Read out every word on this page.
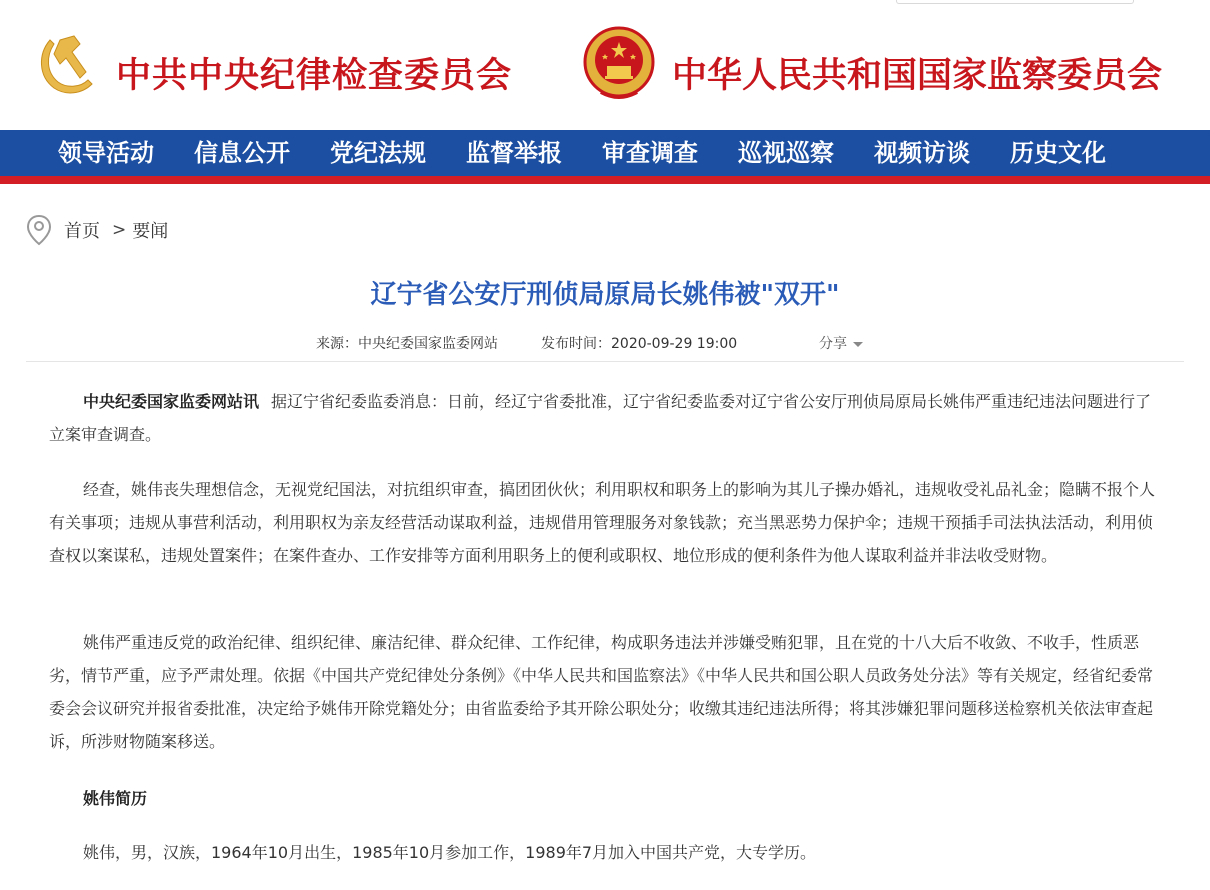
中共中央纪律检查委员会	中华人民共和国国家监察委员会
领导活动 信息公开 党纪法规 监督举报 审查调查 巡视巡察 视频访谈 历史文化
首页 > 要闻
辽宁省公安厅刑侦局原局长姚伟被"双开"
来源：中央纪委国家监委网站	发布时间：2020-09-29 19:00	分享

中央纪委国家监委网站讯 据辽宁省纪委监委消息：日前，经辽宁省委批准，辽宁省纪委监委对辽宁省公安厅刑侦局原局长姚伟严重违纪违法问题进行了立案审查调查。

经查，姚伟丧失理想信念，无视党纪国法，对抗组织审查，搞团团伙伙；利用职权和职务上的影响为其儿子操办婚礼，违规收受礼品礼金；隐瞒不报个人有关事项；违规从事营利活动，利用职权为亲友经营活动谋取利益，违规借用管理服务对象钱款；充当黑恶势力保护伞；违规干预插手司法执法活动，利用侦查权以案谋私，违规处置案件；在案件查办、工作安排等方面利用职务上的便利或职权、地位形成的便利条件为他人谋取利益并非法收受财物。

姚伟严重违反党的政治纪律、组织纪律、廉洁纪律、群众纪律、工作纪律，构成职务违法并涉嫌受贿犯罪，且在党的十八大后不收敛、不收手，性质恶劣，情节严重，应予严肃处理。依据《中国共产党纪律处分条例》《中华人民共和国监察法》《中华人民共和国公职人员政务处分法》等有关规定，经省纪委常委会会议研究并报省委批准，决定给予姚伟开除党籍处分；由省监委给予其开除公职处分；收缴其违纪违法所得；将其涉嫌犯罪问题移送检察机关依法审查起诉，所涉财物随案移送。

姚伟简历

姚伟，男，汉族，1964年10月出生，1985年10月参加工作，1989年7月加入中国共产党，大专学历。
